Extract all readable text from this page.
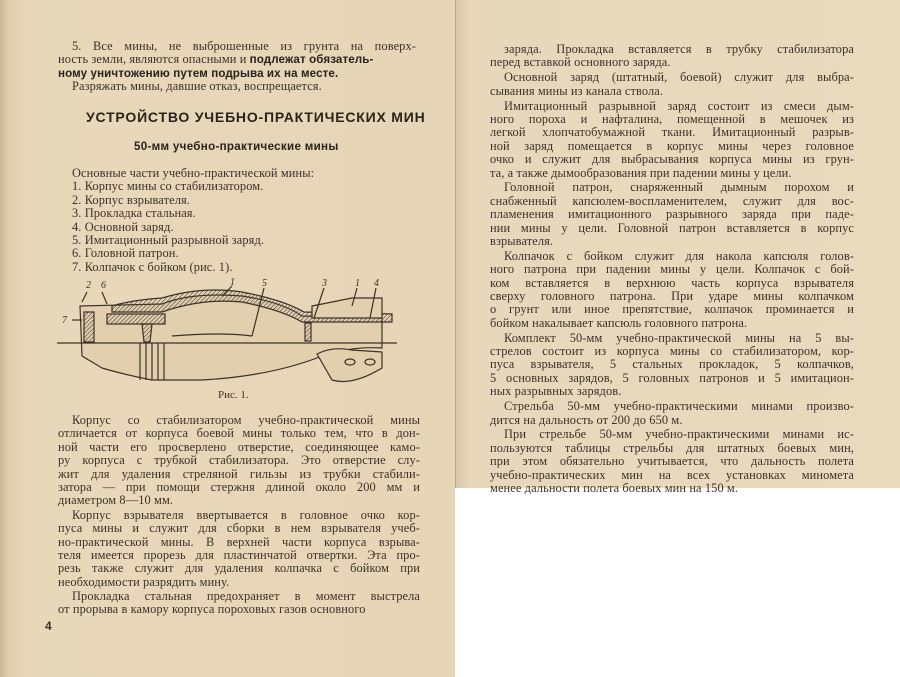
5. Все мины, не выброшенные из грунта на поверх-
ность земли, являются опасными и подлежат обязатель-
ному уничтожению путем подрыва их на месте.
Разряжать мины, давшие отказ, воспрещается.
УСТРОЙСТВО УЧЕБНО-ПРАКТИЧЕСКИХ МИН
50-мм учебно-практические мины
Основные части учебно-практической мины:
1. Корпус мины со стабилизатором.
2. Корпус взрывателя.
3. Прокладка стальная.
4. Основной заряд.
5. Имитационный разрывной заряд.
6. Головной патрон.
7. Колпачок с бойком (рис. 1).
2 6
7
1	5	3	1 4
Рис. 1.
Корпус со стабилизатором учебно-практической мины
отличается от корпуса боевой мины только тем, что в дон-
ной части его просверлено отверстие, соединяющее камо-
ру корпуса с трубкой стабилизатора. Это отверстие слу-
жит для удаления стреляной гильзы из трубки стабили-
затора — при помощи стержня длиной около 200 мм и
диаметром 8—10 мм.
Корпус взрывателя ввертывается в головное очко кор-
пуса мины и служит для сборки в нем взрывателя учеб-
но-практической мины. В верхней части корпуса взрыва-
теля имеется прорезь для пластинчатой отвертки. Эта про-
резь также служит для удаления колпачка с бойком при
необходимости разрядить мину.
Прокладка стальная предохраняет в момент выстрела
от прорыва в камору корпуса пороховых газов основного
4
заряда. Прокладка вставляется в трубку стабилизатора
перед вставкой основного заряда.
Основной заряд (штатный, боевой) служит для выбра-
сывания мины из канала ствола.
Имитационный разрывной заряд состоит из смеси дым-
ного пороха и нафталина, помещенной в мешочек из
легкой хлопчатобумажной ткани. Имитационный разрыв-
ной заряд помещается в корпус мины через головное
очко и служит для выбрасывания корпуса мины из грун-
та, а также дымообразования при падении мины у цели.
Головной патрон, снаряженный дымным порохом и
снабженный капсюлем-воспламенителем, служит для вос-
пламенения имитационного разрывного заряда при паде-
нии мины у цели. Головной патрон вставляется в корпус
взрывателя.
Колпачок с бойком служит для накола капсюля голов-
ного патрона при падении мины у цели. Колпачок с бой-
ком вставляется в верхнюю часть корпуса взрывателя
сверху головного патрона. При ударе мины колпачком
о грунт или иное препятствие, колпачок проминается и
бойком накалывает капсюль головного патрона.
Комплект 50-мм учебно-практической мины на 5 вы-
стрелов состоит из корпуса мины со стабилизатором, кор-
пуса взрывателя, 5 стальных прокладок, 5 колпачков,
5 основных зарядов, 5 головных патронов и 5 имитацион-
ных разрывных зарядов.
Стрельба 50-мм учебно-практическими минами произво-
дится на дальность от 200 до 650 м.
При стрельбе 50-мм учебно-практическими минами ис-
пользуются таблицы стрельбы для штатных боевых мин,
при этом обязательно учитывается, что дальность полета
учебно-практических мин на всех установках миномета
менее дальности полета боевых мин на 150 м.
